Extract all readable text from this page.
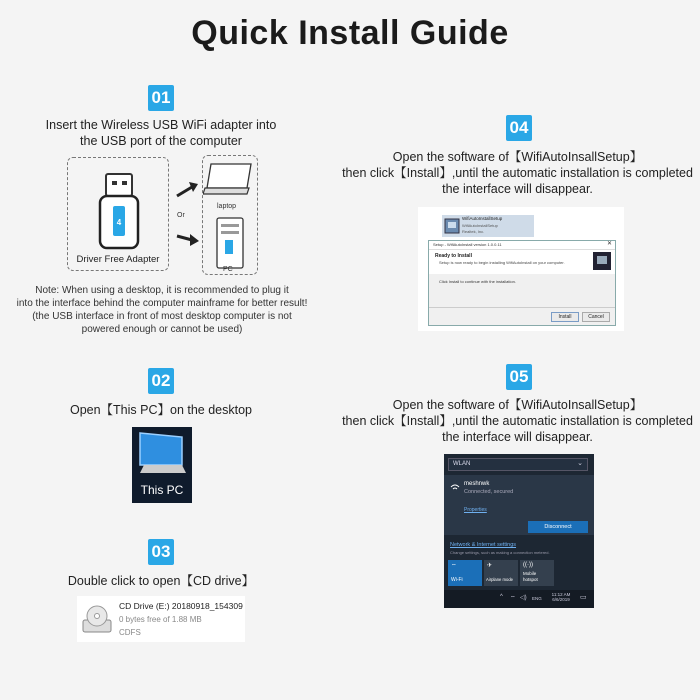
Quick Install Guide
01
Insert the Wireless USB WiFi adapter into
the USB port of the computer
4
Driver Free Adapter
Or
laptop
PC
Note: When using a desktop, it is recommended to plug it
into the interface behind the computer mainframe for better result!
(the USB interface in front of most desktop computer is not
powered enough or cannot be used)
02
Open【This PC】on the desktop
This PC
03
Double click to open【CD drive】
CD Drive (E:) 20180918_154309
0 bytes free of 1.88 MB
CDFS
04
Open the software of【WifiAutoInsallSetup】
then click【Install】,until the automatic installation is completed
the interface will disappear.
WifiAutoInstallSetup
WifiAutoInstallSetup
Realtek, Inc.
Setup - WifiAutoInstall version 1.0.0.11	✕
Ready to Install
Setup is now ready to begin installing WifiAutoInstall on your computer.
Click Install to continue with the installation.
Install	Cancel
05
Open the software of【WifiAutoInsallSetup】
then click【Install】,until the automatic installation is completed
the interface will disappear.
WLAN	⌄
meshnwk
Connected, secured
Properties
Disconnect
Network & Internet settings
Change settings, such as making a connection metered.
⌔
Wi-Fi
✈
Airplane mode
((·))
Mobile
hotspot
^ ⌔ ◁) ENG
11:12 AM
6/6/2019	▭
